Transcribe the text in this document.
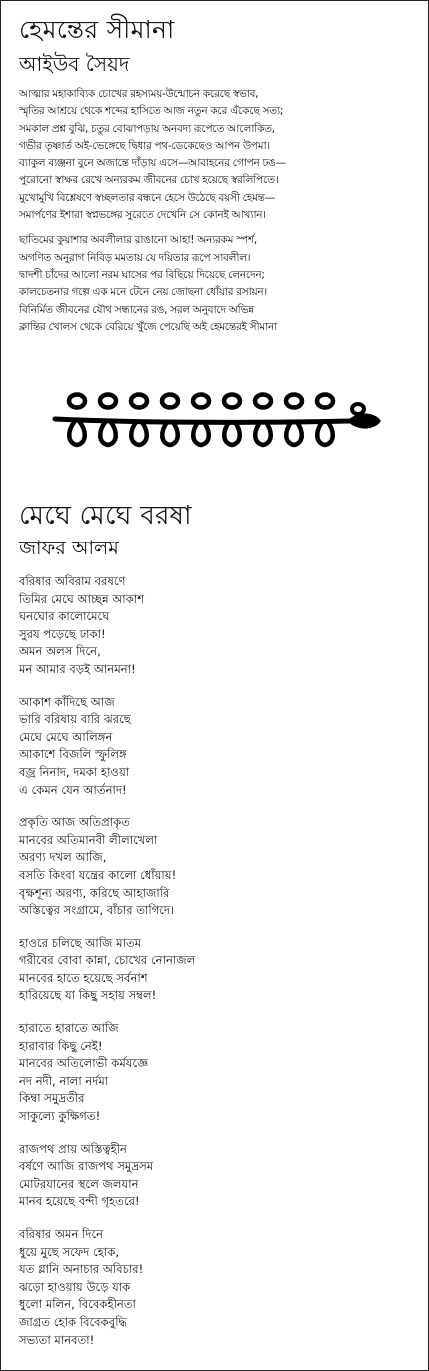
হেমন্তের সীমানা
আইউব সৈয়দ
আত্মার মহাকাব্যিক চোখের রহস্যময়-উন্মোচন করেছে স্বভাব,
স্মৃতির আশ্রয়ে থেকে শব্দের হাসিতে আজ নতুন করে এঁকেছে সত্য;
সমকাল প্রশ্ন বুঝি, চতুর বোঝাপড়ায় অনবদ্য রূপেতে আলোকিত,
গভীর তৃষ্ণার্ত অই-ভেঙ্গেছে দ্বিধার পথ-ডেকেছেও আপন উপমা।
ব্যাকুল ব্যঞ্জনা বুনে অজান্তে দাঁড়ায় এসে—আবাহনের গোপন ঢঙ—
পুরোনো স্বাক্ষর রেখে অন্যরকম জীবনের চোখ হয়েছে স্বরলিপিতে।
মুখোমুখি বিশ্লেষণে স্বচ্ছলতার বন্ধনে হেসে উঠেছে বয়সী হেমন্ত—
সমার্পণের ইশারা স্বপ্নভঙ্গের সুরেতে দেখেনি সে কোনই আখ্যান।
ছাতিমের কুয়াশার অবলীলার রাঙানো আহা! অন্যরকম স্পর্শ,
অগণিত অনুরাগ নিবিড় মমতায় যে দয়িতার রূপে সাবলীল।
দ্বাদশী চাঁদের আলো নরম ঘাসের পর বিছিয়ে দিয়েছে লেনদেন;
কালচেতনার গল্পে এক মনে টেনে নেয় জোছনা ধোঁয়ার রসায়ন।
বিনির্মিত জীবনের যৌথ সন্ধানের রঙ, সরল অনুবাদে অভিন্ন
ক্লান্তির খোলস থেকে বেরিয়ে খুঁজে পেয়েছি অই হেমন্তেরই সীমানা
মেঘে মেঘে বরষা
জাফর আলম
বরিষার অবিরাম বরষণে
তিমির মেঘে আচ্ছন্ন আকাশ
ঘনঘোর কালোমেঘে
সুরয পড়েছে ঢাকা!
অমন অলস দিনে,
মন আমার বড়ই আনমনা!
আকাশ কাঁদিছে আজ
ভারি বরিষায় বারি ঝরছে
মেঘে মেঘে আলিঙ্গন
আকাশে বিজলি স্ফুলিঙ্গ
বজ্র নিনাদ, দমকা হাওয়া
এ কেমন যেন আর্তনাদ!
প্রকৃতি আজ অতিপ্রাকৃত
মানবের অতিমানবী লীলাখেলা
অরণ্য দখল আজি,
বসতি কিংবা যন্ত্রের কালো ধোঁয়ায়!
বৃক্ষশূন্য অরণ্য, করিছে আহাজারি
অস্তিত্বের সংগ্রামে, বাঁচার তাগিদে।
হাওরে চলিছে আজি মাতম
গরীবের বোবা কান্না, চোখের নোনাজল
মানবের হাতে হয়েছে সর্বনাশ
হারিয়েছে যা কিছু সহায় সম্বল!
হারাতে হারাতে আজি
হারাবার কিছু নেই!
মানবের অতিলোভী কর্মযজ্ঞে
নদ নদী, নালা নর্দমা
কিম্বা সমুদ্রতীর
সাকুল্যে কুক্ষিগত!
রাজপথ প্রায় অস্তিত্বহীন
বর্ষণে আজি রাজপথ সমুদ্রসম
মোটরযানের স্থলে জলযান
মানব হয়েছে বন্দী গৃহতরে!
বরিষার অমন দিনে
ধুয়ে মুছে সফেদ হোক,
যত গ্লানি অনাচার অবিচার!
ঝড়ো হাওয়ায় উড়ে যাক
ধুলো মলিন, বিবেকহীনতা
জাগ্রত হোক বিবেকবুদ্ধি
সভ্যতা মানবতা!
